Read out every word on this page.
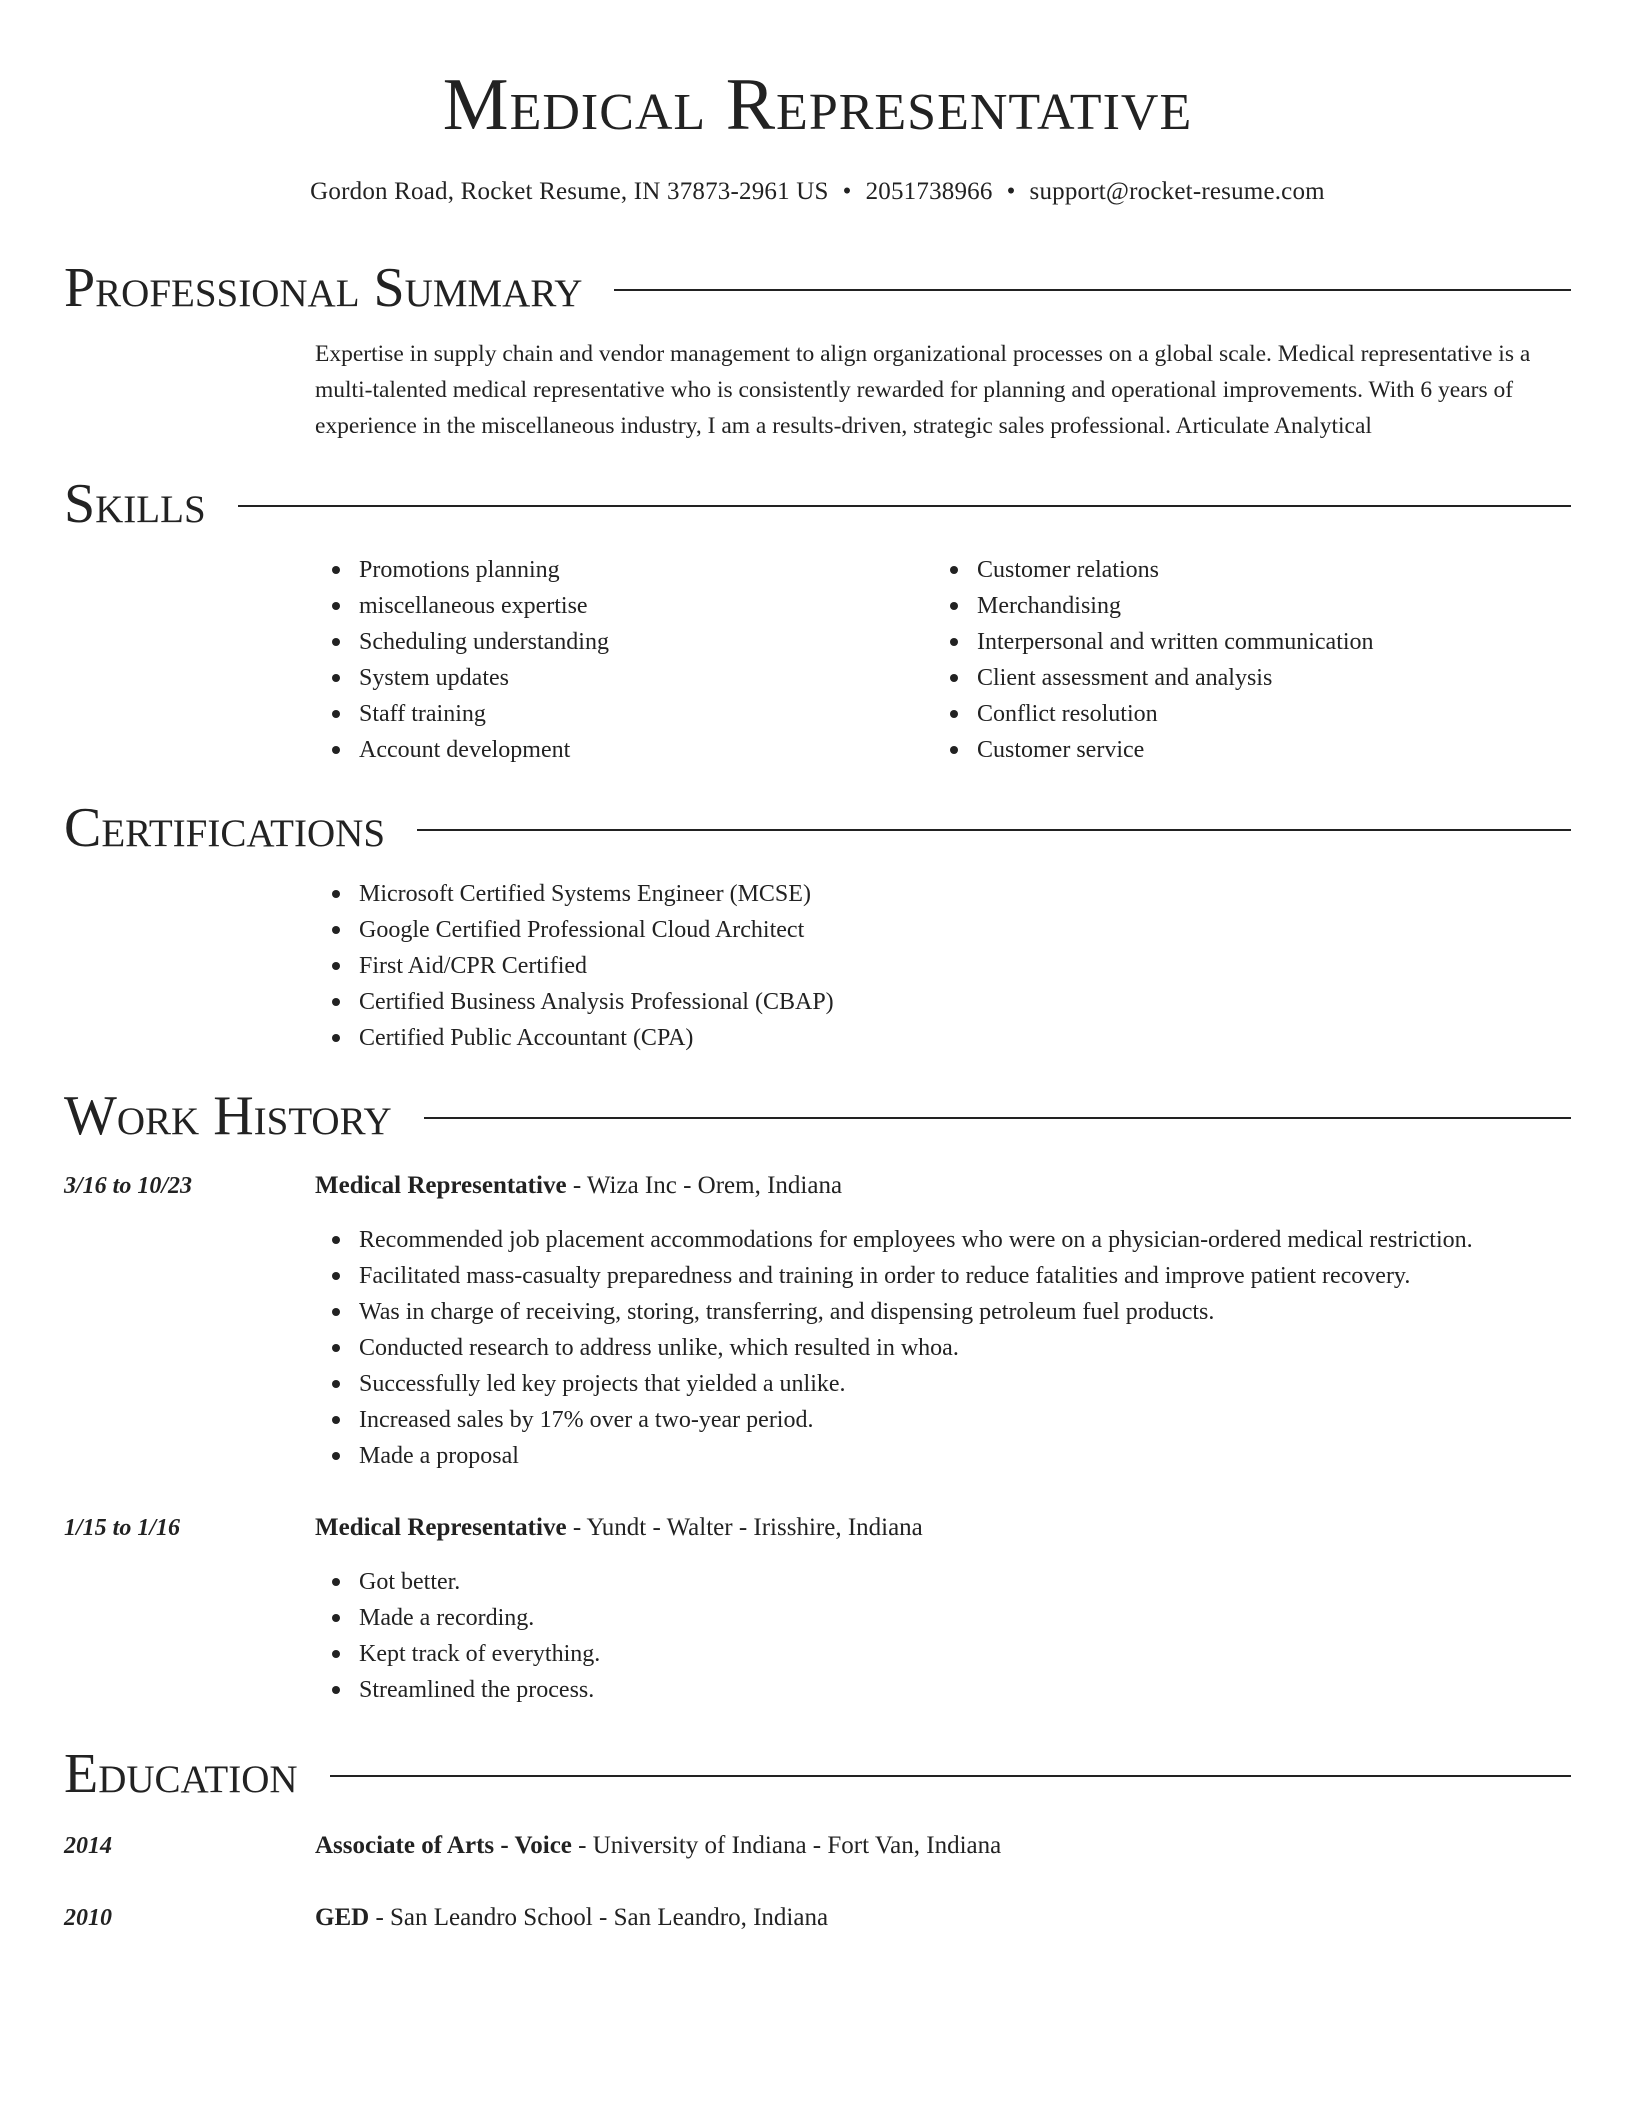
Medical Representative
Gordon Road, Rocket Resume, IN 37873-2961 US • 2051738966 • support@rocket-resume.com
Professional Summary
Expertise in supply chain and vendor management to align organizational processes on a global scale. Medical representative is a multi-talented medical representative who is consistently rewarded for planning and operational improvements. With 6 years of experience in the miscellaneous industry, I am a results-driven, strategic sales professional. Articulate Analytical
Skills
Promotions planning
miscellaneous expertise
Scheduling understanding
System updates
Staff training
Account development
Customer relations
Merchandising
Interpersonal and written communication
Client assessment and analysis
Conflict resolution
Customer service
Certifications
Microsoft Certified Systems Engineer (MCSE)
Google Certified Professional Cloud Architect
First Aid/CPR Certified
Certified Business Analysis Professional (CBAP)
Certified Public Accountant (CPA)
Work History
3/16 to 10/23	Medical Representative - Wiza Inc - Orem, Indiana
Recommended job placement accommodations for employees who were on a physician-ordered medical restriction.
Facilitated mass-casualty preparedness and training in order to reduce fatalities and improve patient recovery.
Was in charge of receiving, storing, transferring, and dispensing petroleum fuel products.
Conducted research to address unlike, which resulted in whoa.
Successfully led key projects that yielded a unlike.
Increased sales by 17% over a two-year period.
Made a proposal
1/15 to 1/16	Medical Representative - Yundt - Walter - Irisshire, Indiana
Got better.
Made a recording.
Kept track of everything.
Streamlined the process.
Education
2014	Associate of Arts - Voice - University of Indiana - Fort Van, Indiana
2010	GED - San Leandro School - San Leandro, Indiana
